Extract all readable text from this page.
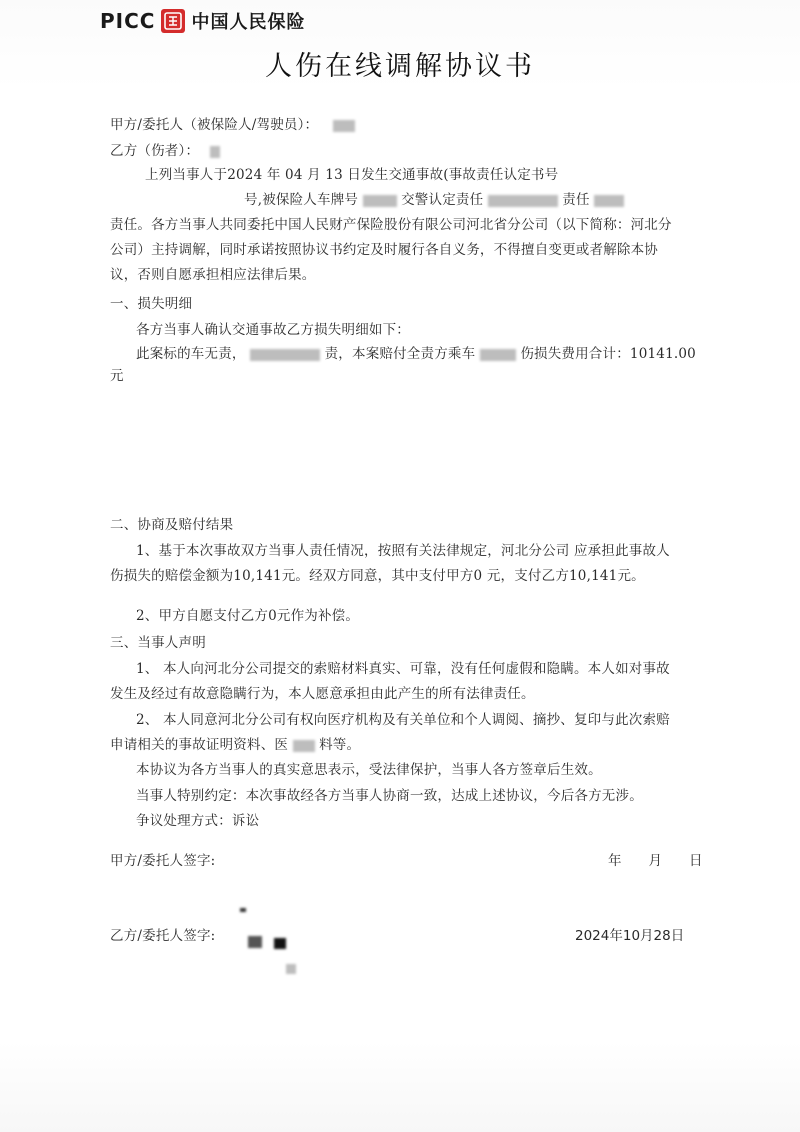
PICC 中国人民保险
人伤在线调解协议书
甲方/委托人（被保险人/驾驶员）：
乙方（伤者）：
上列当事人于2024 年 04 月 13 日发生交通事故(事故责任认定书号
号,被保险人车牌号	交警认定责任	责任
责任。各方当事人共同委托中国人民财产保险股份有限公司河北省分公司（以下简称：河北分
公司）主持调解，同时承诺按照协议书约定及时履行各自义务，不得擅自变更或者解除本协
议，否则自愿承担相应法律后果。
一、损失明细
各方当事人确认交通事故乙方损失明细如下：
此案标的车无责，	责，本案赔付全责方乘车	伤损失费用合计：10141.00
元
二、协商及赔付结果
1、基于本次事故双方当事人责任情况，按照有关法律规定，河北分公司 应承担此事故人
伤损失的赔偿金额为10,141元。经双方同意，其中支付甲方0 元，支付乙方10,141元。
2、甲方自愿支付乙方0元作为补偿。
三、当事人声明
1、 本人向河北分公司提交的索赔材料真实、可靠，没有任何虚假和隐瞒。本人如对事故
发生及经过有故意隐瞒行为，本人愿意承担由此产生的所有法律责任。
2、 本人同意河北分公司有权向医疗机构及有关单位和个人调阅、摘抄、复印与此次索赔
申请相关的事故证明资料、医 料等。
本协议为各方当事人的真实意思表示，受法律保护，当事人各方签章后生效。
当事人特别约定：本次事故经各方当事人协商一致，达成上述协议，今后各方无涉。
争议处理方式：诉讼
甲方/委托人签字:	年　　月　　日
乙方/委托人签字:	2024年10月28日
